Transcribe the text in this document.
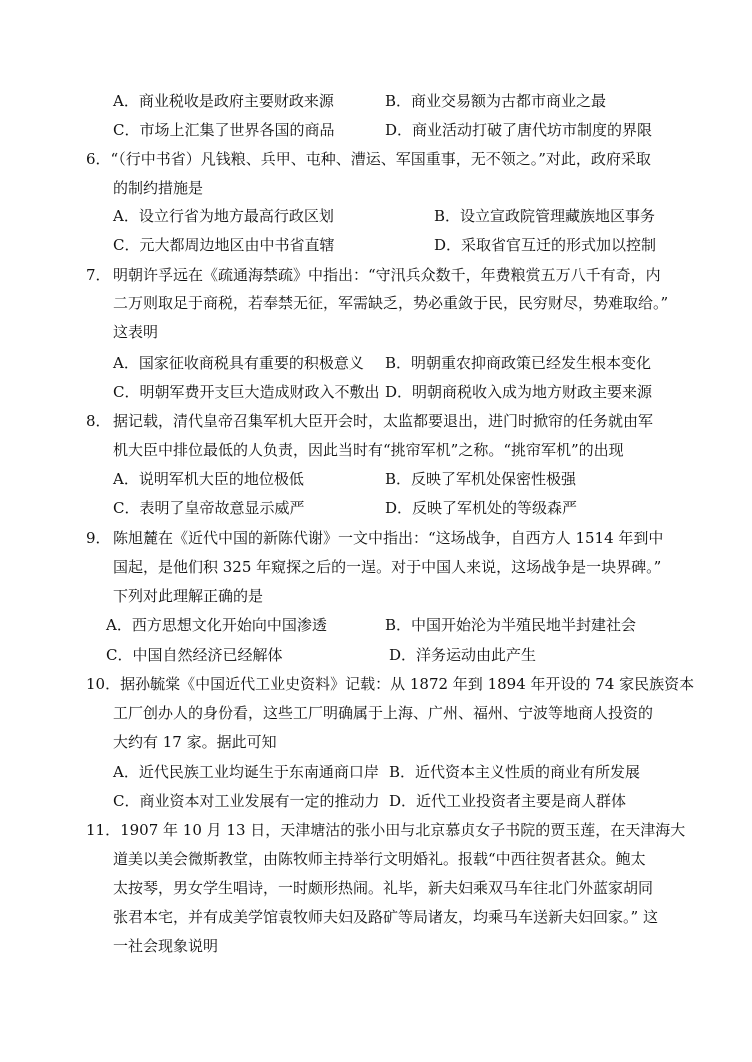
A．商业税收是政府主要财政来源	B．商业交易额为古都市商业之最
C．市场上汇集了世界各国的商品	D．商业活动打破了唐代坊市制度的界限
6．“（行中书省）凡钱粮、兵甲、屯种、漕运、军国重事，无不领之。”对此，政府采取
的制约措施是
A．设立行省为地方最高行政区划	B．设立宣政院管理藏族地区事务
C．元大都周边地区由中书省直辖	D．采取省官互迁的形式加以控制
7． 明朝许孚远在《疏通海禁疏》中指出：“守汛兵众数千，年费粮赏五万八千有奇，内
二万则取足于商税，若奉禁无征，军需缺乏，势必重敛于民，民穷财尽，势难取给。”
这表明
A．国家征收商税具有重要的积极意义 B．明朝重农抑商政策已经发生根本变化
C．明朝军费开支巨大造成财政入不敷出 D．明朝商税收入成为地方财政主要来源
8． 据记载，清代皇帝召集军机大臣开会时，太监都要退出，进门时掀帘的任务就由军
机大臣中排位最低的人负责，因此当时有“挑帘军机”之称。“挑帘军机”的出现
A．说明军机大臣的地位极低	B．反映了军机处保密性极强
C．表明了皇帝故意显示威严	D．反映了军机处的等级森严
9． 陈旭麓在《近代中国的新陈代谢》一文中指出：“这场战争，自西方人 1514 年到中
国起，是他们积 325 年窥探之后的一逞。对于中国人来说，这场战争是一块界碑。”
下列对此理解正确的是
A．西方思想文化开始向中国渗透	B．中国开始沦为半殖民地半封建社会
C．中国自然经济已经解体	D．洋务运动由此产生
10．据孙毓棠《中国近代工业史资料》记载：从 1872 年到 1894 年开设的 74 家民族资本
工厂创办人的身份看，这些工厂明确属于上海、广州、福州、宁波等地商人投资的
大约有 17 家。据此可知
A．近代民族工业均诞生于东南通商口岸 B．近代资本主义性质的商业有所发展
C．商业资本对工业发展有一定的推动力 D．近代工业投资者主要是商人群体
11．1907 年 10 月 13 日，天津塘沽的张小田与北京慕贞女子书院的贾玉莲，在天津海大
道美以美会微斯教堂，由陈牧师主持举行文明婚礼。报载“中西往贺者甚众。鲍太
太按琴，男女学生唱诗，一时颇形热闹。礼毕，新夫妇乘双马车往北门外蓝家胡同
张君本宅，并有成美学馆袁牧师夫妇及路矿等局诸友，均乘马车送新夫妇回家。” 这
一社会现象说明
